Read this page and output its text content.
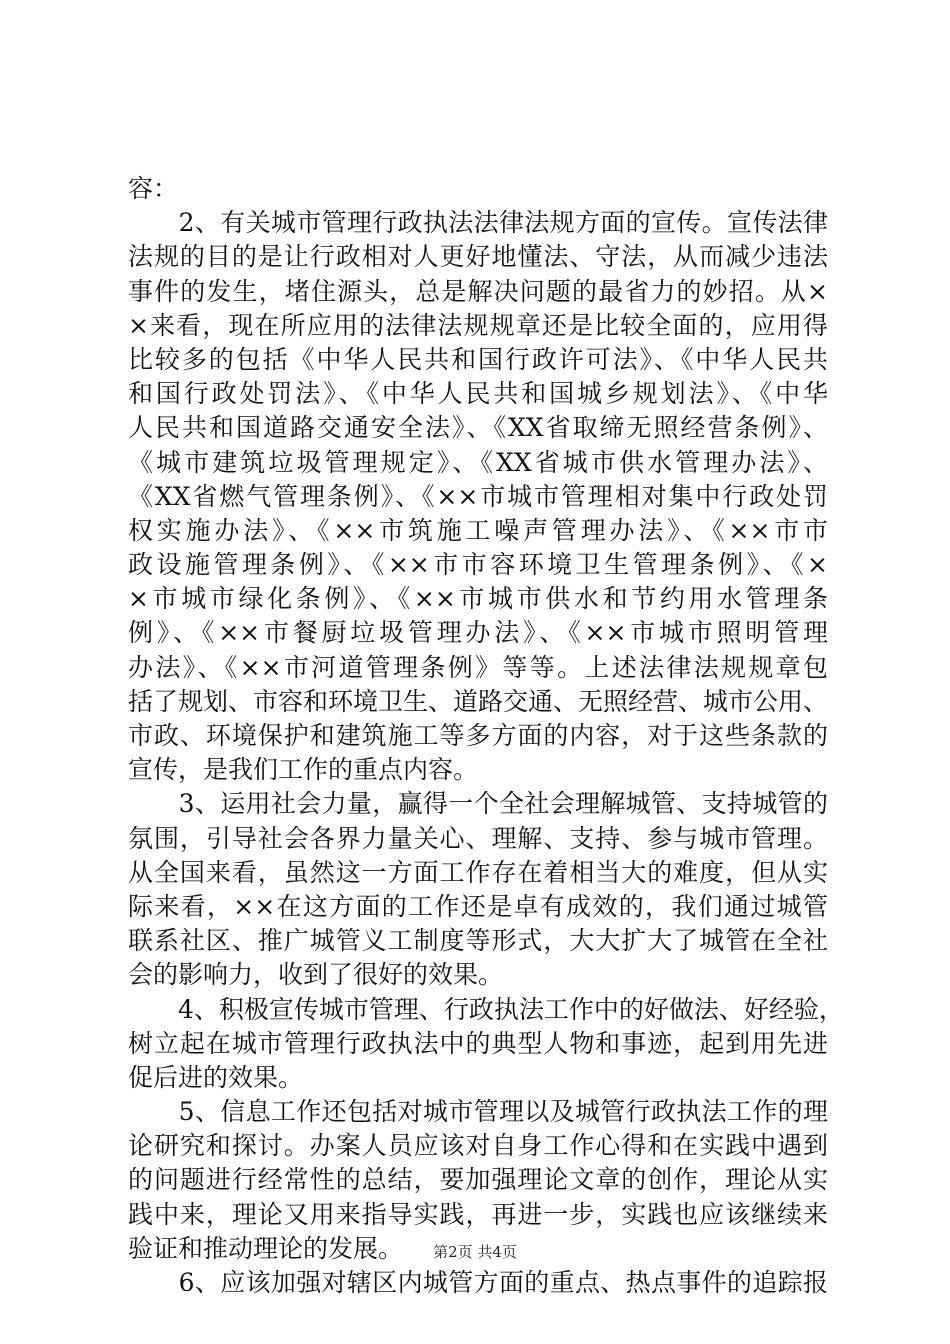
容：
　　2、有关城市管理行政执法法律法规方面的宣传。宣传法律
法规的目的是让行政相对人更好地懂法、守法，从而减少违法
事件的发生，堵住源头，总是解决问题的最省力的妙招。从×
×来看，现在所应用的法律法规规章还是比较全面的，应用得
比较多的包括《中华人民共和国行政许可法》、《中华人民共
和国行政处罚法》、《中华人民共和国城乡规划法》、《中华
人民共和国道路交通安全法》、《XX省取缔无照经营条例》、
《城市建筑垃圾管理规定》、《XX省城市供水管理办法》、
《XX省燃气管理条例》、《××市城市管理相对集中行政处罚
权实施办法》、《××市筑施工噪声管理办法》、《××市市
政设施管理条例》、《××市市容环境卫生管理条例》、《×
×市城市绿化条例》、《××市城市供水和节约用水管理条
例》、《××市餐厨垃圾管理办法》、《××市城市照明管理
办法》、《××市河道管理条例》等等。上述法律法规规章包
括了规划、市容和环境卫生、道路交通、无照经营、城市公用、
市政、环境保护和建筑施工等多方面的内容，对于这些条款的
宣传，是我们工作的重点内容。
　　3、运用社会力量，赢得一个全社会理解城管、支持城管的
氛围，引导社会各界力量关心、理解、支持、参与城市管理。
从全国来看，虽然这一方面工作存在着相当大的难度，但从实
际来看，××在这方面的工作还是卓有成效的，我们通过城管
联系社区、推广城管义工制度等形式，大大扩大了城管在全社
会的影响力，收到了很好的效果。
　　4、积极宣传城市管理、行政执法工作中的好做法、好经验，
树立起在城市管理行政执法中的典型人物和事迹，起到用先进
促后进的效果。
　　5、信息工作还包括对城市管理以及城管行政执法工作的理
论研究和探讨。办案人员应该对自身工作心得和在实践中遇到
的问题进行经常性的总结，要加强理论文章的创作，理论从实
践中来，理论又用来指导实践，再进一步，实践也应该继续来
验证和推动理论的发展。
　　6、应该加强对辖区内城管方面的重点、热点事件的追踪报
第2页 共4页
